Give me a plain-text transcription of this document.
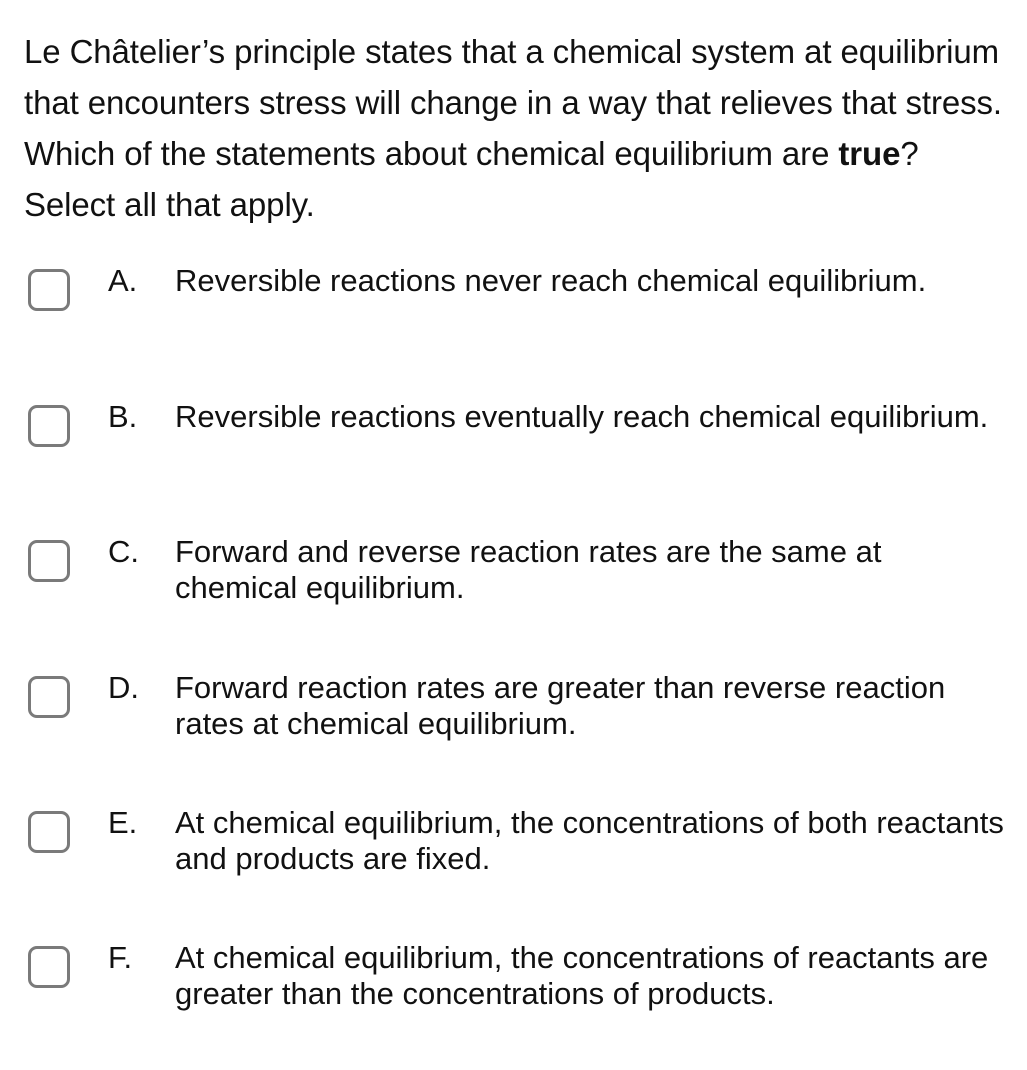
Le Châtelier’s principle states that a chemical system at equilibrium that encounters stress will change in a way that relieves that stress. Which of the statements about chemical equilibrium are true? Select all that apply.

A. Reversible reactions never reach chemical equilibrium.
B. Reversible reactions eventually reach chemical equilibrium.
C. Forward and reverse reaction rates are the same at chemical equilibrium.
D. Forward reaction rates are greater than reverse reaction rates at chemical equilibrium.
E. At chemical equilibrium, the concentrations of both reactants and products are fixed.
F. At chemical equilibrium, the concentrations of reactants are greater than the concentrations of products.
